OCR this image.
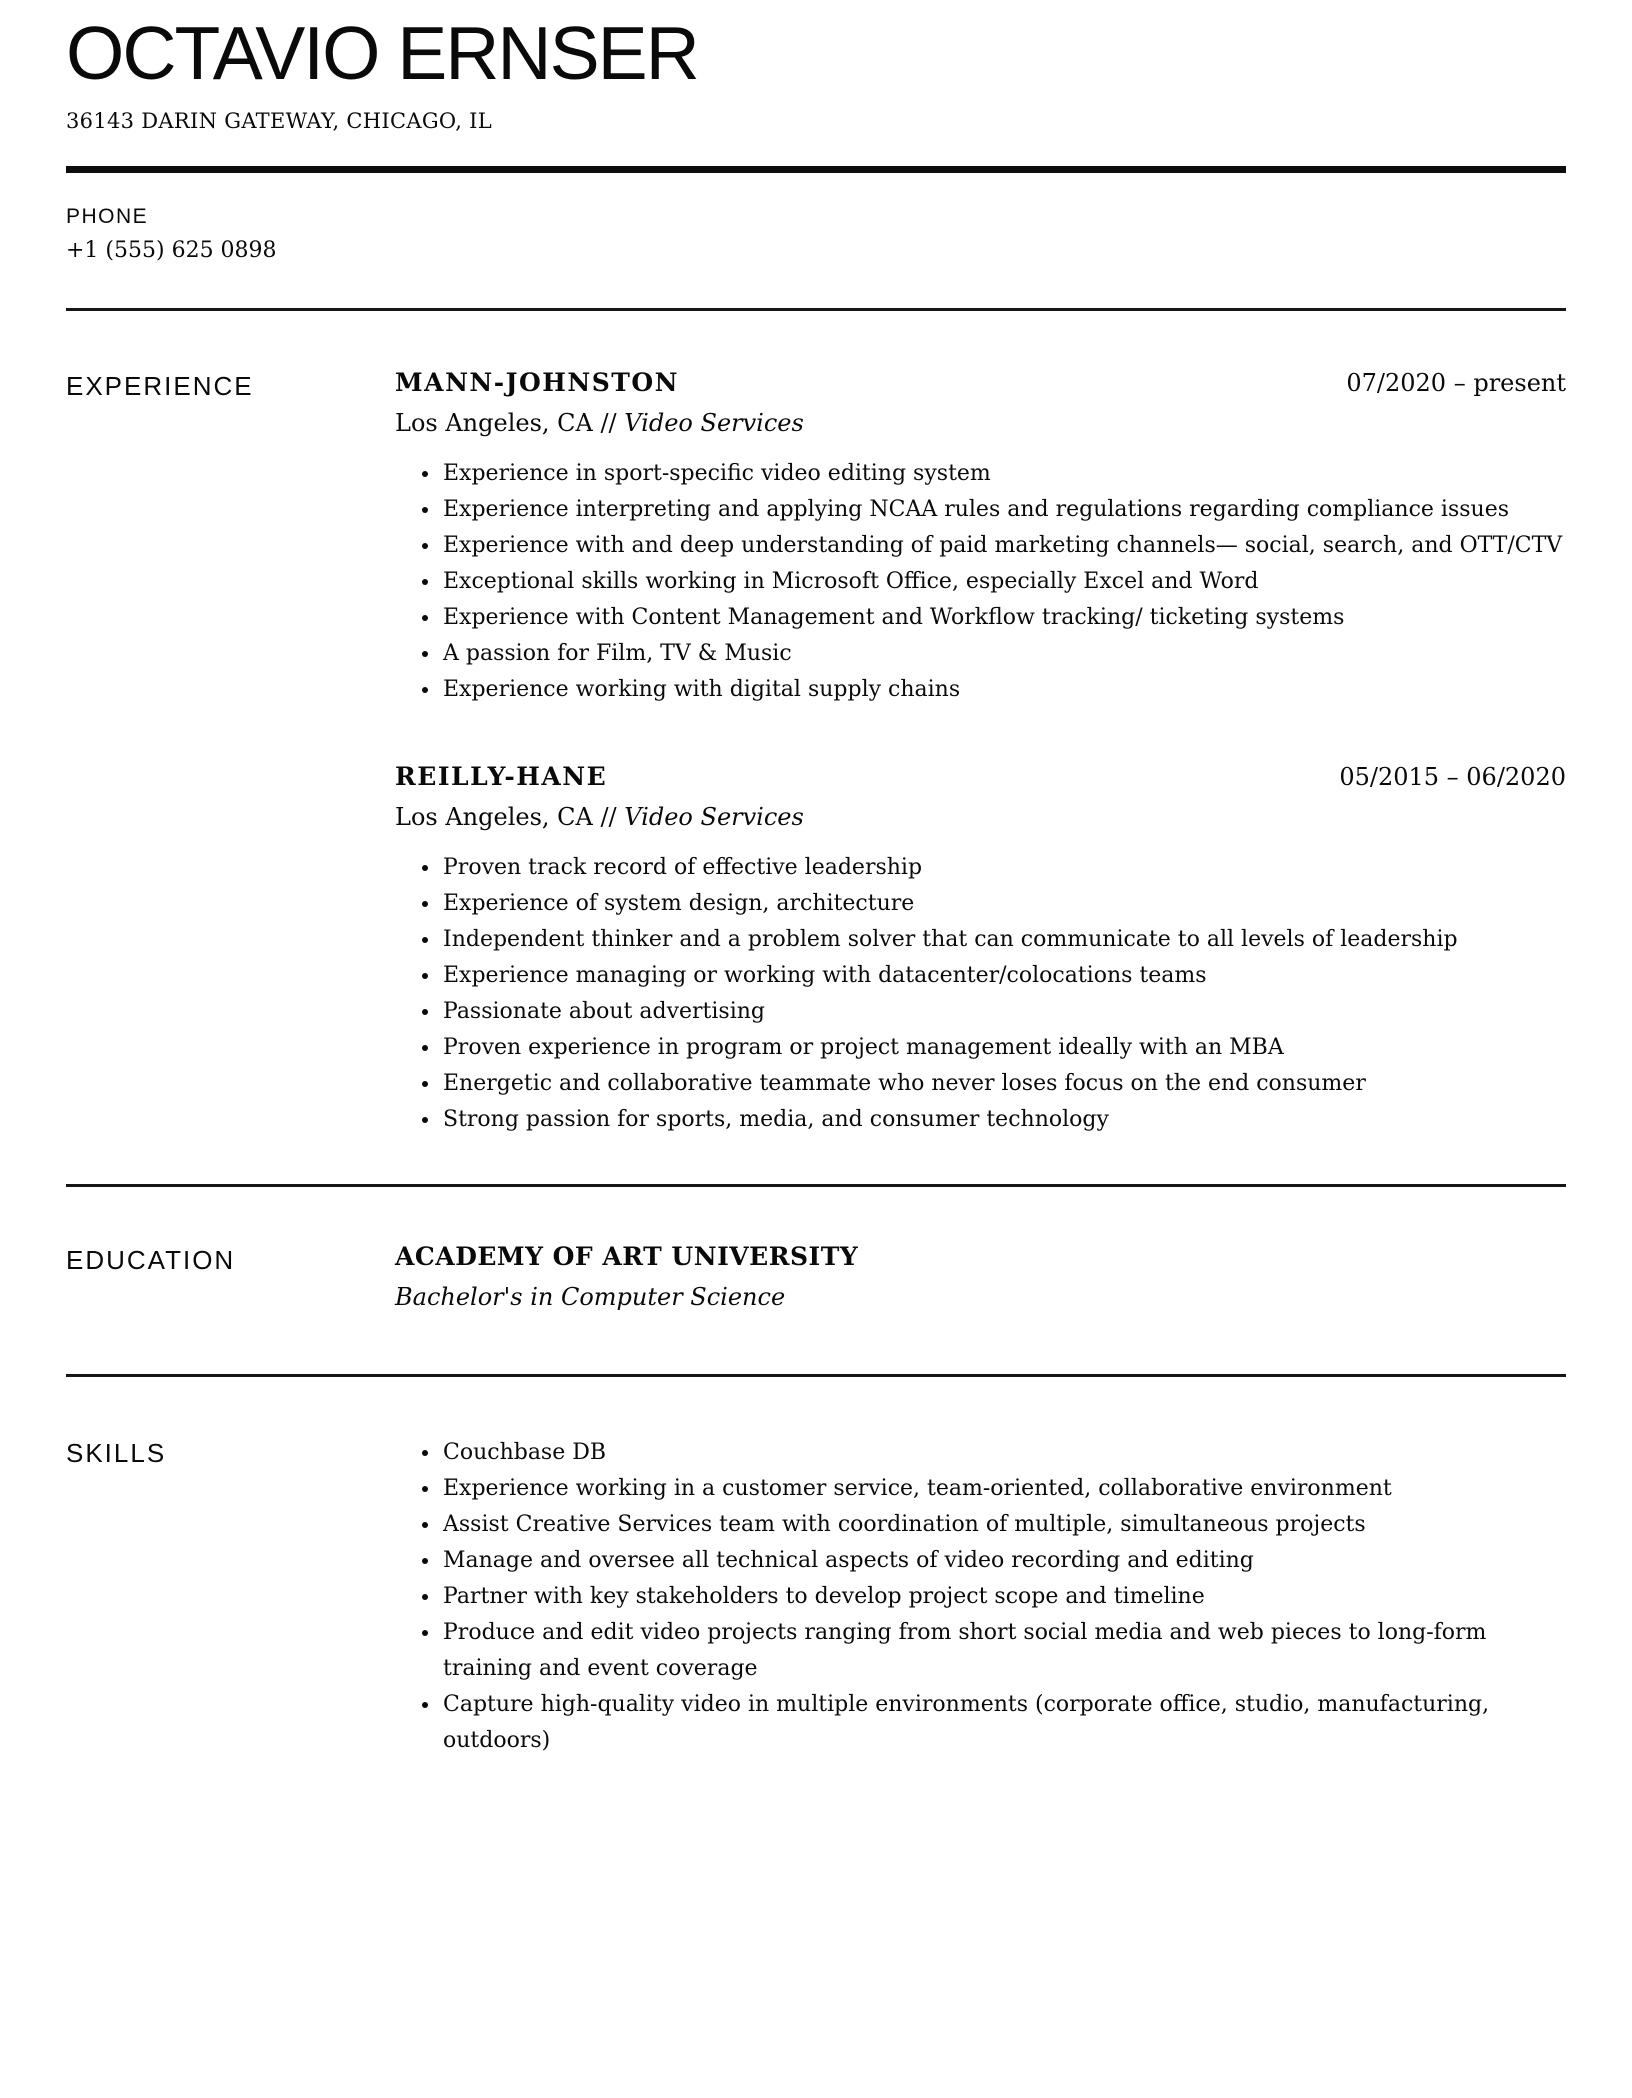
OCTAVIO ERNSER
36143 DARIN GATEWAY, CHICAGO, IL
PHONE
+1 (555) 625 0898
EXPERIENCE	MANN-JOHNSTON	07/2020 – present
Los Angeles, CA // Video Services
• Experience in sport-specific video editing system
• Experience interpreting and applying NCAA rules and regulations regarding compliance issues
• Experience with and deep understanding of paid marketing channels— social, search, and OTT/CTV
• Exceptional skills working in Microsoft Office, especially Excel and Word
• Experience with Content Management and Workflow tracking/ ticketing systems
• A passion for Film, TV & Music
• Experience working with digital supply chains
REILLY-HANE	05/2015 – 06/2020
Los Angeles, CA // Video Services
• Proven track record of effective leadership
• Experience of system design, architecture
• Independent thinker and a problem solver that can communicate to all levels of leadership
• Experience managing or working with datacenter/colocations teams
• Passionate about advertising
• Proven experience in program or project management ideally with an MBA
• Energetic and collaborative teammate who never loses focus on the end consumer
• Strong passion for sports, media, and consumer technology
EDUCATION	ACADEMY OF ART UNIVERSITY
Bachelor's in Computer Science
SKILLS	• Couchbase DB
• Experience working in a customer service, team-oriented, collaborative environment
• Assist Creative Services team with coordination of multiple, simultaneous projects
• Manage and oversee all technical aspects of video recording and editing
• Partner with key stakeholders to develop project scope and timeline
• Produce and edit video projects ranging from short social media and web pieces to long-form training and event coverage
• Capture high-quality video in multiple environments (corporate office, studio, manufacturing, outdoors)
